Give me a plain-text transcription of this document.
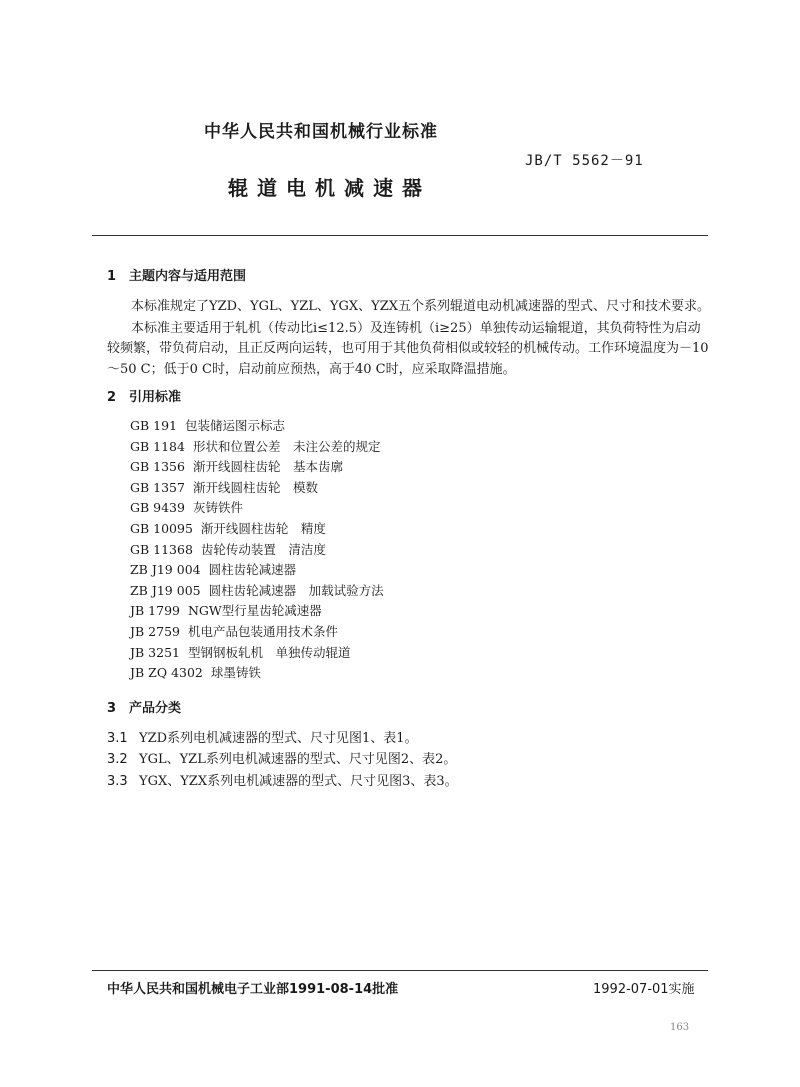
中华人民共和国机械行业标准
JB/T 5562－91
辊道电机减速器
1　主题内容与适用范围
本标准规定了YZD、YGL、YZL、YGX、YZX五个系列辊道电动机减速器的型式、尺寸和技术要求。
本标准主要适用于轧机（传动比i≤12.5）及连铸机（i≥25）单独传动运输辊道，其负荷特性为启动
较频繁，带负荷启动，且正反两向运转，也可用于其他负荷相似或较轻的机械传动。工作环境温度为－10
～50 C；低于0 C时，启动前应预热，高于40 C时，应采取降温措施。
2　引用标准
GB 191 包装储运图示标志
GB 1184 形状和位置公差　未注公差的规定
GB 1356 渐开线圆柱齿轮　基本齿廓
GB 1357 渐开线圆柱齿轮　模数
GB 9439 灰铸铁件
GB 10095 渐开线圆柱齿轮　精度
GB 11368 齿轮传动装置　清洁度
ZB J19 004 圆柱齿轮减速器
ZB J19 005 圆柱齿轮减速器　加载试验方法
JB 1799 NGW型行星齿轮减速器
JB 2759 机电产品包装通用技术条件
JB 3251 型钢钢板轧机　单独传动辊道
JB ZQ 4302 球墨铸铁
3　产品分类
3.1 YZD系列电机减速器的型式、尺寸见图1、表1。
3.2 YGL、YZL系列电机减速器的型式、尺寸见图2、表2。
3.3 YGX、YZX系列电机减速器的型式、尺寸见图3、表3。
中华人民共和国机械电子工业部1991-08-14批准	1992-07-01实施
163
